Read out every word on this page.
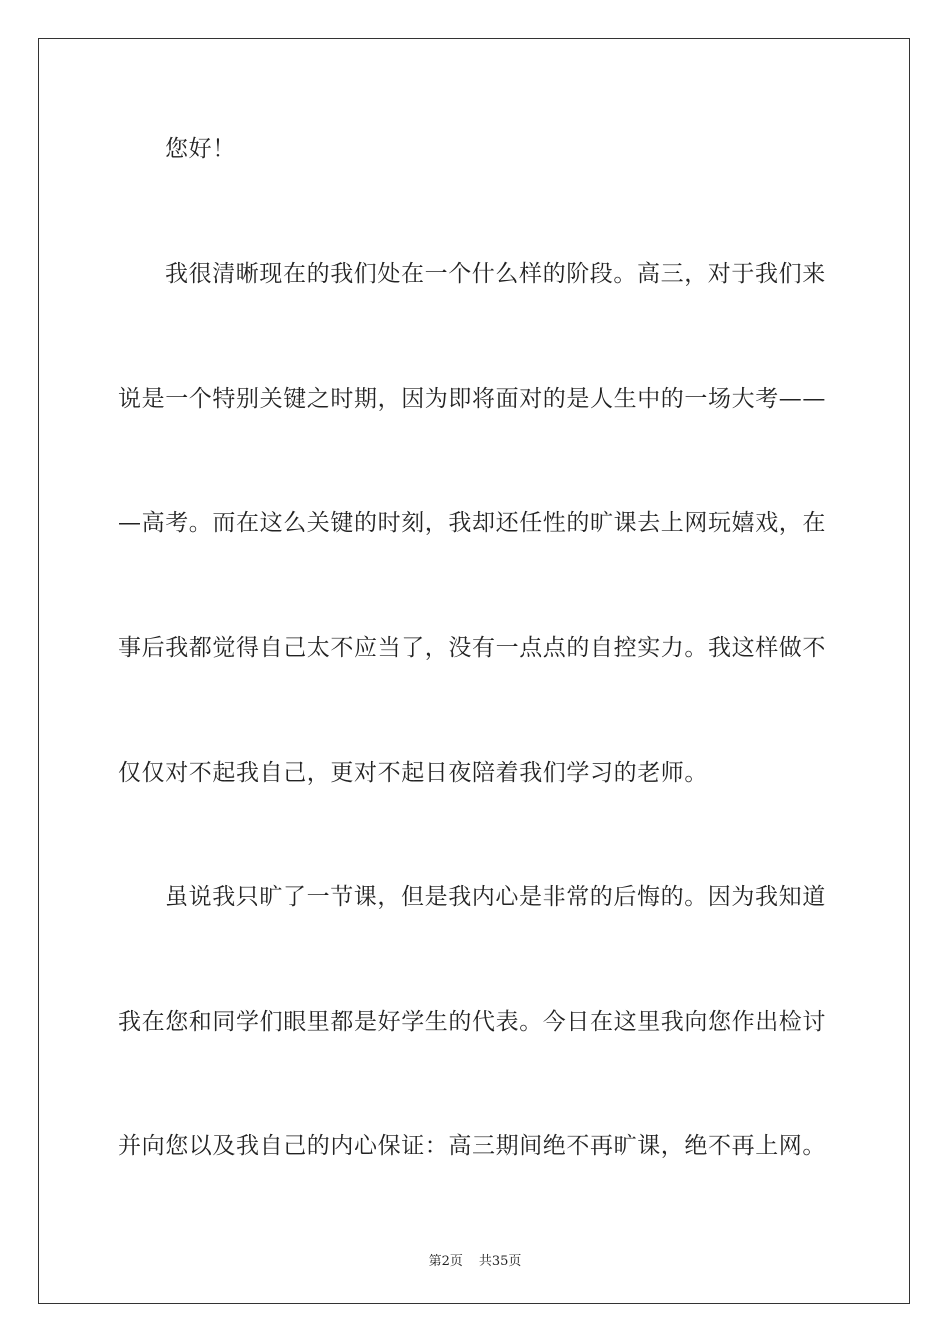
您好！
我很清晰现在的我们处在一个什么样的阶段。高三，对于我们来
说是一个特别关键之时期，因为即将面对的是人生中的一场大考——
—高考。而在这么关键的时刻，我却还任性的旷课去上网玩嬉戏，在
事后我都觉得自己太不应当了，没有一点点的自控实力。我这样做不
仅仅对不起我自己，更对不起日夜陪着我们学习的老师。
虽说我只旷了一节课，但是我内心是非常的后悔的。因为我知道
我在您和同学们眼里都是好学生的代表。今日在这里我向您作出检讨
并向您以及我自己的内心保证：高三期间绝不再旷课，绝不再上网。
第2页 共35页
